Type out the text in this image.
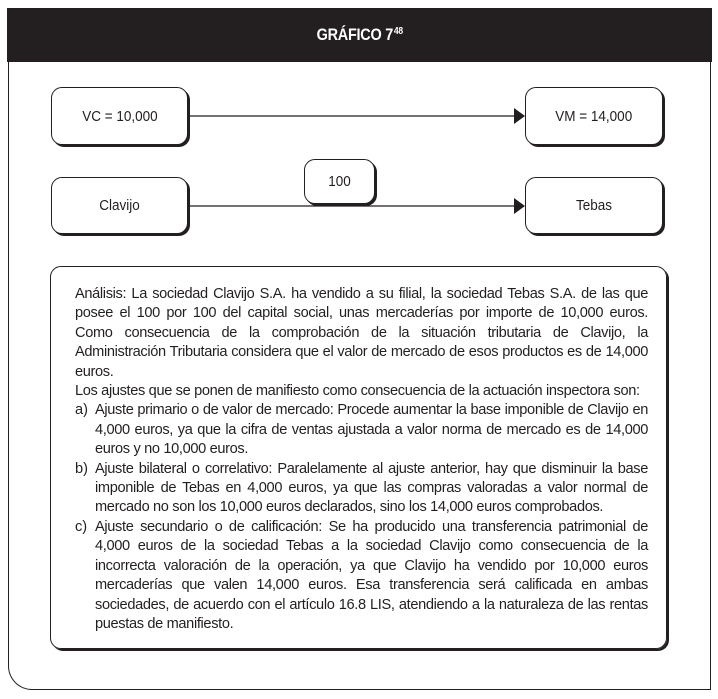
GRÁFICO $7^{48}$
VC = 10,000	VM = 14,000
Clavijo	Tebas
100

Análisis: La sociedad Clavijo S.A. ha vendido a su filial, la sociedad Tebas S.A. de las que posee el 100 por 100 del capital social, unas mercaderías por importe de 10,000 euros. Como consecuencia de la comprobación de la situación tributaria de Clavijo, la Administración Tributaria considera que el valor de mercado de esos productos es de 14,000 euros.

Los ajustes que se ponen de manifiesto como consecuencia de la actuación inspectora son:

a) Ajuste primario o de valor de mercado: Procede aumentar la base imponible de Clavijo en 4,000 euros, ya que la cifra de ventas ajustada a valor norma de mercado es de 14,000 euros y no 10,000 euros.

b) Ajuste bilateral o correlativo: Paralelamente al ajuste anterior, hay que disminuir la base imponible de Tebas en 4,000 euros, ya que las compras valoradas a valor normal de mercado no son los 10,000 euros declarados, sino los 14,000 euros comprobados.

c) Ajuste secundario o de calificación: Se ha producido una transferencia patrimonial de 4,000 euros de la sociedad Tebas a la sociedad Clavijo como consecuencia de la incorrecta valoración de la operación, ya que Clavijo ha vendido por 10,000 euros mercaderías que valen 14,000 euros. Esa transferencia será calificada en ambas sociedades, de acuerdo con el artículo 16.8 LIS, atendiendo a la naturaleza de las rentas puestas de manifiesto.
